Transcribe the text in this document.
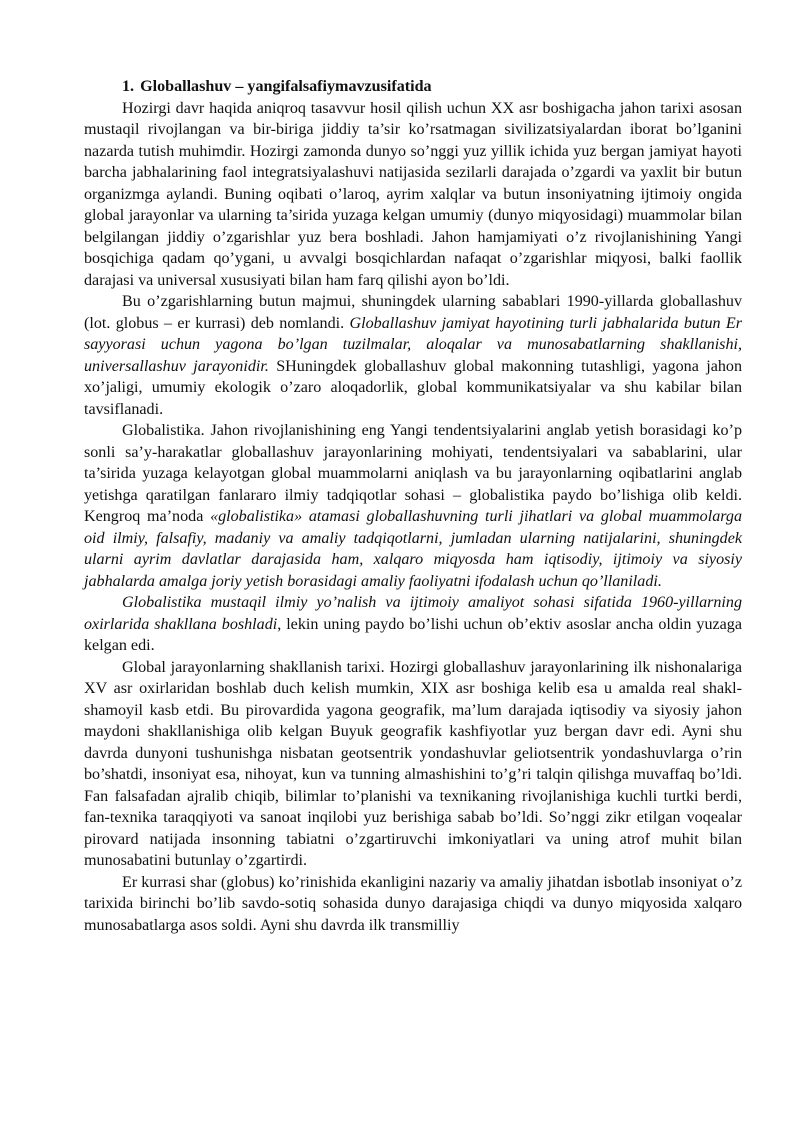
1. Globallashuv – yangifalsafiymavzusifatida

Hozirgi davr haqida aniqroq tasavvur hosil qilish uchun XX asr boshigacha jahon tarixi asosan mustaqil rivojlangan va bir-biriga jiddiy ta’sir ko’rsatmagan sivilizatsiyalardan iborat bo’lganini nazarda tutish muhimdir. Hozirgi zamonda dunyo so’nggi yuz yillik ichida yuz bergan jamiyat hayoti barcha jabhalarining faol integratsiyalashuvi natijasida sezilarli darajada o’zgardi va yaxlit bir butun organizmga aylandi. Buning oqibati o’laroq, ayrim xalqlar va butun insoniyatning ijtimoiy ongida global jarayonlar va ularning ta’sirida yuzaga kelgan umumiy (dunyo miqyosidagi) muammolar bilan belgilangan jiddiy o’zgarishlar yuz bera boshladi. Jahon hamjamiyati o’z rivojlanishining Yangi bosqichiga qadam qo’ygani, u avvalgi bosqichlardan nafaqat o’zgarishlar miqyosi, balki faollik darajasi va universal xususiyati bilan ham farq qilishi ayon bo’ldi.

Bu o’zgarishlarning butun majmui, shuningdek ularning sabablari 1990-yillarda globallashuv (lot. globus – er kurrasi) deb nomlandi. Globallashuv jamiyat hayotining turli jabhalarida butun Er sayyorasi uchun yagona bo’lgan tuzilmalar, aloqalar va munosabatlarning shakllanishi, universallashuv jarayonidir. SHuningdek globallashuv global makonning tutashligi, yagona jahon xo’jaligi, umumiy ekologik o’zaro aloqadorlik, global kommunikatsiyalar va shu kabilar bilan tavsiflanadi.

Globalistika. Jahon rivojlanishining eng Yangi tendentsiyalarini anglab yetish borasidagi ko’p sonli sa’y-harakatlar globallashuv jarayonlarining mohiyati, tendentsiyalari va sabablarini, ular ta’sirida yuzaga kelayotgan global muammolarni aniqlash va bu jarayonlarning oqibatlarini anglab yetishga qaratilgan fanlararo ilmiy tadqiqotlar sohasi – globalistika paydo bo’lishiga olib keldi. Kengroq ma’noda «globalistika» atamasi globallashuvning turli jihatlari va global muammolarga oid ilmiy, falsafiy, madaniy va amaliy tadqiqotlarni, jumladan ularning natijalarini, shuningdek ularni ayrim davlatlar darajasida ham, xalqaro miqyosda ham iqtisodiy, ijtimoiy va siyosiy jabhalarda amalga joriy yetish borasidagi amaliy faoliyatni ifodalash uchun qo’llaniladi.

Globalistika mustaqil ilmiy yo’nalish va ijtimoiy amaliyot sohasi sifatida 1960-yillarning oxirlarida shakllana boshladi, lekin uning paydo bo’lishi uchun ob’ektiv asoslar ancha oldin yuzaga kelgan edi.

Global jarayonlarning shakllanish tarixi. Hozirgi globallashuv jarayonlarining ilk nishonalariga XV asr oxirlaridan boshlab duch kelish mumkin, XIX asr boshiga kelib esa u amalda real shakl-shamoyil kasb etdi. Bu pirovardida yagona geografik, ma’lum darajada iqtisodiy va siyosiy jahon maydoni shakllanishiga olib kelgan Buyuk geografik kashfiyotlar yuz bergan davr edi. Ayni shu davrda dunyoni tushunishga nisbatan geotsentrik yondashuvlar geliotsentrik yondashuvlarga o’rin bo’shatdi, insoniyat esa, nihoyat, kun va tunning almashishini to’g’ri talqin qilishga muvaffaq bo’ldi. Fan falsafadan ajralib chiqib, bilimlar to’planishi va texnikaning rivojlanishiga kuchli turtki berdi, fan-texnika taraqqiyoti va sanoat inqilobi yuz berishiga sabab bo’ldi. So’nggi zikr etilgan voqealar pirovard natijada insonning tabiatni o’zgartiruvchi imkoniyatlari va uning atrof muhit bilan munosabatini butunlay o’zgartirdi.

Er kurrasi shar (globus) ko’rinishida ekanligini nazariy va amaliy jihatdan isbotlab insoniyat o’z tarixida birinchi bo’lib savdo-sotiq sohasida dunyo darajasiga chiqdi va dunyo miqyosida xalqaro munosabatlarga asos soldi. Ayni shu davrda ilk transmilliy
